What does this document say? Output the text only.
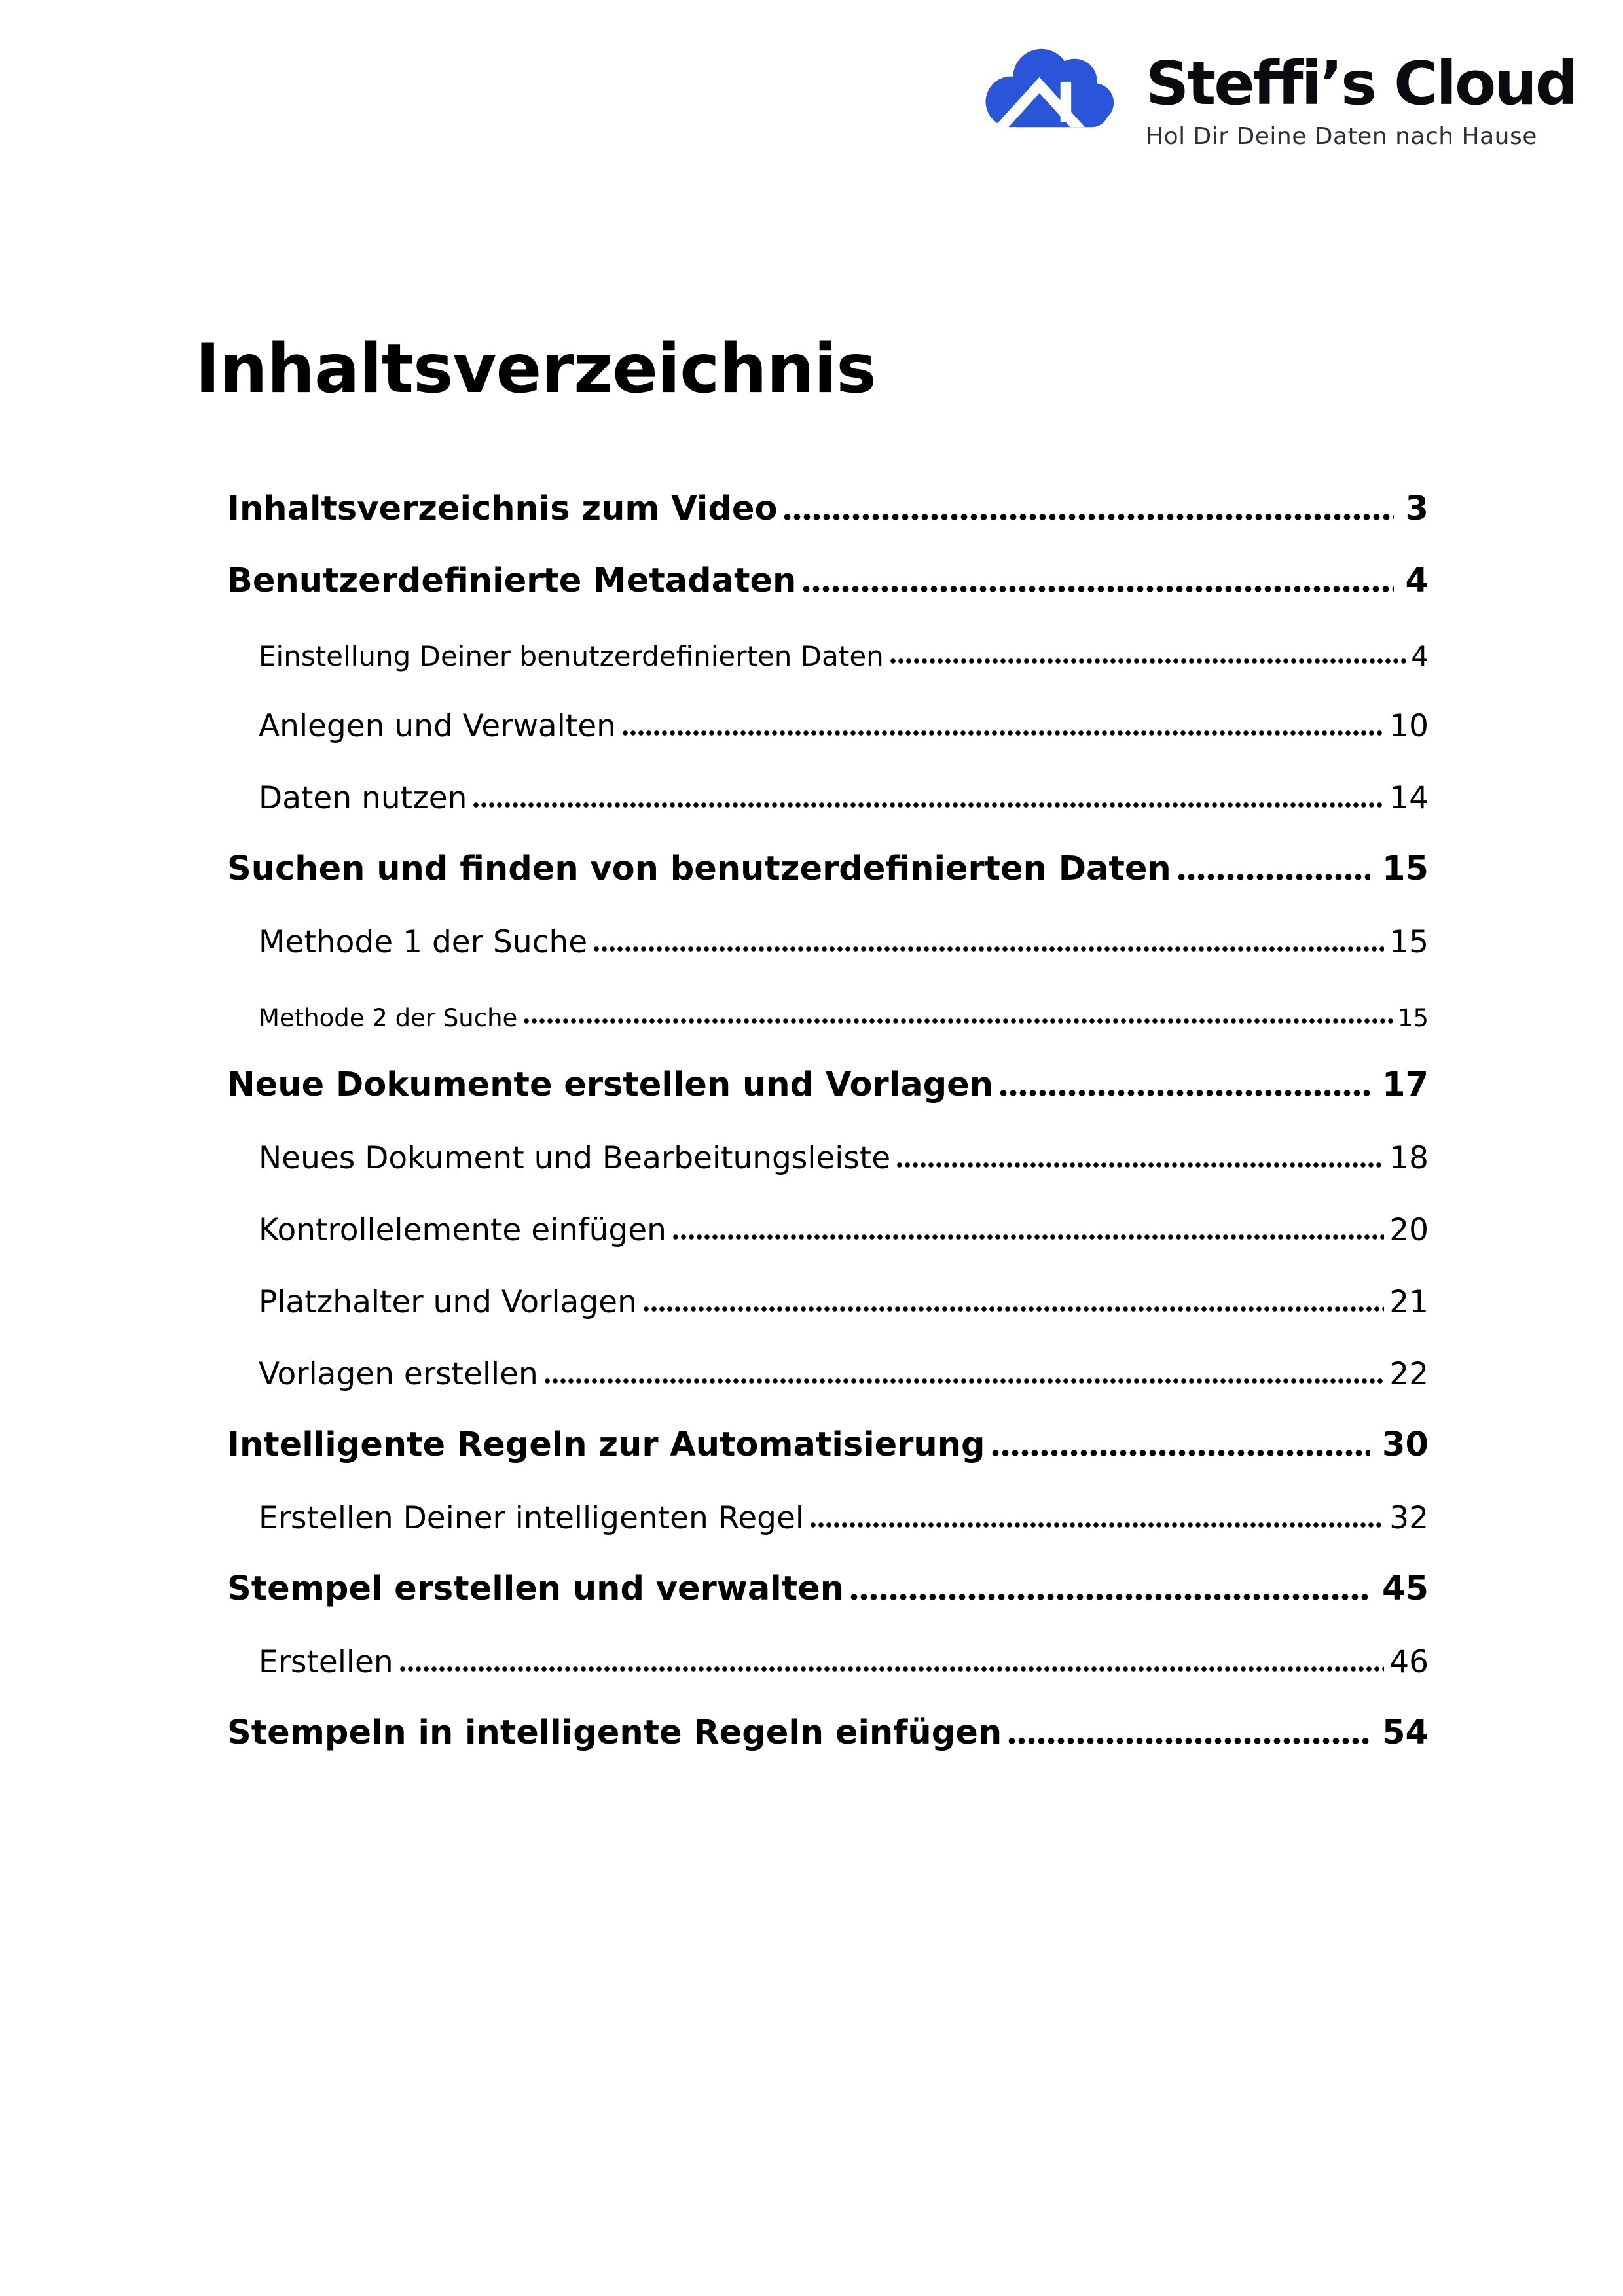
Steffi’s Cloud
Hol Dir Deine Daten nach Hause
Inhaltsverzeichnis
Inhaltsverzeichnis zum Video	3
Benutzerdefinierte Metadaten	4
Einstellung Deiner benutzerdefinierten Daten	4
Anlegen und Verwalten	10
Daten nutzen	14
Suchen und finden von benutzerdefinierten Daten	15
Methode 1 der Suche	15
Methode 2 der Suche	15
Neue Dokumente erstellen und Vorlagen	17
Neues Dokument und Bearbeitungsleiste	18
Kontrollelemente einfügen	20
Platzhalter und Vorlagen	21
Vorlagen erstellen	22
Intelligente Regeln zur Automatisierung	30
Erstellen Deiner intelligenten Regel	32
Stempel erstellen und verwalten	45
Erstellen	46
Stempeln in intelligente Regeln einfügen	54
